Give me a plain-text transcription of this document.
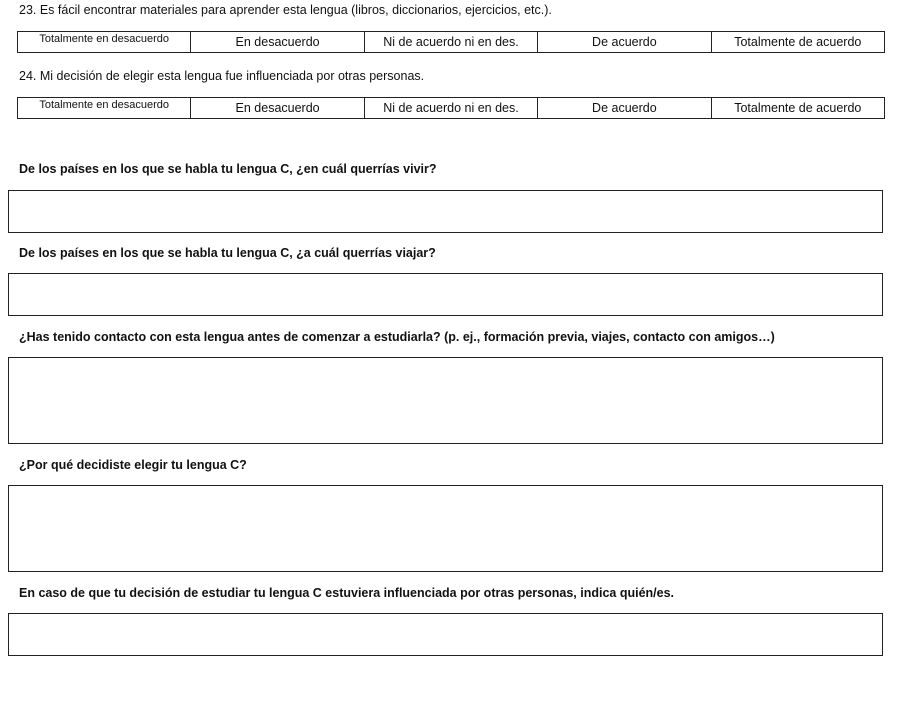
23. Es fácil encontrar materiales para aprender esta lengua (libros, diccionarios, ejercicios, etc.).
Totalmente en desacuerdo	En desacuerdo	Ni de acuerdo ni en des.	De acuerdo	Totalmente de acuerdo
24. Mi decisión de elegir esta lengua fue influenciada por otras personas.
Totalmente en desacuerdo	En desacuerdo	Ni de acuerdo ni en des.	De acuerdo	Totalmente de acuerdo
De los países en los que se habla tu lengua C, ¿en cuál querrías vivir?
De los países en los que se habla tu lengua C, ¿a cuál querrías viajar?
¿Has tenido contacto con esta lengua antes de comenzar a estudiarla? (p. ej., formación previa, viajes, contacto con amigos…)
¿Por qué decidiste elegir tu lengua C?
En caso de que tu decisión de estudiar tu lengua C estuviera influenciada por otras personas, indica quién/es.
